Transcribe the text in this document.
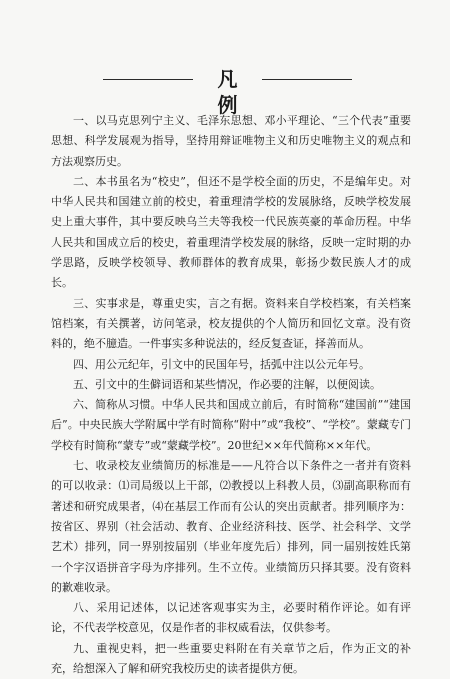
凡 例

一、以马克思列宁主义、毛泽东思想、邓小平理论、“三个代表”重要思想、科学发展观为指导，坚持用辩证唯物主义和历史唯物主义的观点和方法观察历史。

二、本书虽名为“校史”，但还不是学校全面的历史，不是编年史。对中华人民共和国建立前的校史，着重理清学校的发展脉络，反映学校发展史上重大事件，其中要反映乌兰夫等我校一代民族英豪的革命历程。中华人民共和国成立后的校史，着重理清学校发展的脉络，反映一定时期的办学思路，反映学校领导、教师群体的教育成果，彰扬少数民族人才的成长。

三、实事求是，尊重史实，言之有据。资料来自学校档案，有关档案馆档案，有关撰著，访问笔录，校友提供的个人简历和回忆文章。没有资料的，绝不臆造。一件事实多种说法的，经反复查证，择善而从。

四、用公元纪年，引文中的民国年号，括弧中注以公元年号。

五、引文中的生僻词语和某些情况，作必要的注解，以便阅读。

六、简称从习惯。中华人民共和国成立前后，有时简称“建国前”“建国后”。中央民族大学附属中学有时简称“附中”或“我校”、“学校”。蒙藏专门学校有时简称“蒙专”或“蒙藏学校”。20世纪××年代简称××年代。

七、收录校友业绩简历的标准是——凡符合以下条件之一者并有资料的可以收录：⑴司局级以上干部，⑵教授以上科教人员，⑶副高职称而有著述和研究成果者，⑷在基层工作而有公认的突出贡献者。排列顺序为：按省区、界别（社会活动、教育、企业经济科技、医学、社会科学、文学艺术）排列，同一界别按届别（毕业年度先后）排列，同一届别按姓氏第一个字汉语拼音字母为序排列。生不立传。业绩简历只择其要。没有资料的歉难收录。

八、采用记述体，以记述客观事实为主，必要时稍作评论。如有评论，不代表学校意见，仅是作者的非权威看法，仅供参考。

九、重视史料，把一些重要史料附在有关章节之后，作为正文的补充，给想深入了解和研究我校历史的读者提供方便。
